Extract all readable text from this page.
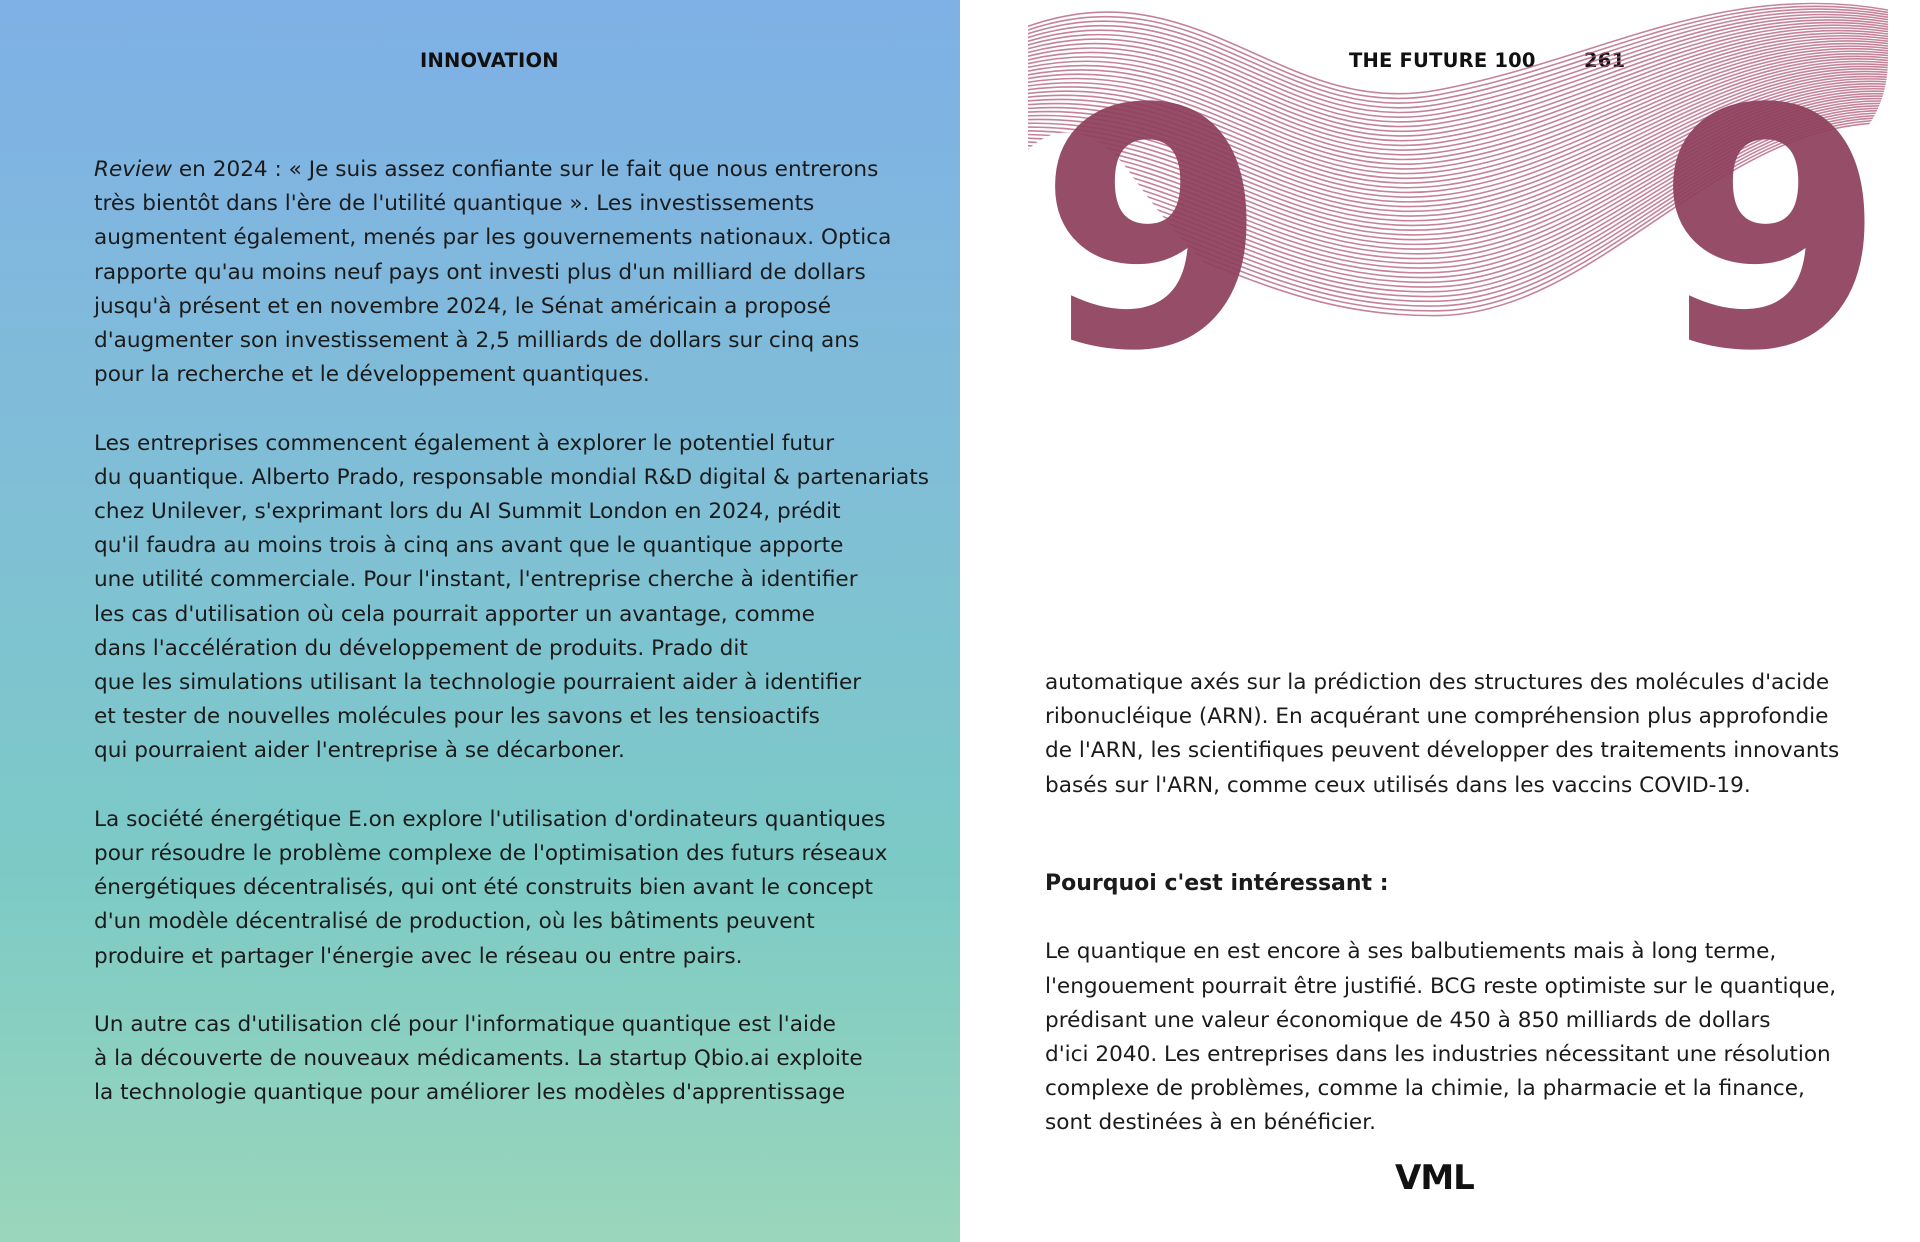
INNOVATION	THE FUTURE 100 261

Review en 2024 : « Je suis assez confiante sur le fait que nous entrerons
très bientôt dans l'ère de l'utilité quantique ». Les investissements
augmentent également, menés par les gouvernements nationaux. Optica
rapporte qu'au moins neuf pays ont investi plus d'un milliard de dollars
jusqu'à présent et en novembre 2024, le Sénat américain a proposé
d'augmenter son investissement à 2,5 milliards de dollars sur cinq ans
pour la recherche et le développement quantiques.

Les entreprises commencent également à explorer le potentiel futur
du quantique. Alberto Prado, responsable mondial R&D digital & partenariats
chez Unilever, s'exprimant lors du AI Summit London en 2024, prédit
qu'il faudra au moins trois à cinq ans avant que le quantique apporte
une utilité commerciale. Pour l'instant, l'entreprise cherche à identifier
les cas d'utilisation où cela pourrait apporter un avantage, comme
dans l'accélération du développement de produits. Prado dit
que les simulations utilisant la technologie pourraient aider à identifier
et tester de nouvelles molécules pour les savons et les tensioactifs
qui pourraient aider l'entreprise à se décarboner.

La société énergétique E.on explore l'utilisation d'ordinateurs quantiques
pour résoudre le problème complexe de l'optimisation des futurs réseaux
énergétiques décentralisés, qui ont été construits bien avant le concept
d'un modèle décentralisé de production, où les bâtiments peuvent
produire et partager l'énergie avec le réseau ou entre pairs.

Un autre cas d'utilisation clé pour l'informatique quantique est l'aide
à la découverte de nouveaux médicaments. La startup Qbio.ai exploite
la technologie quantique pour améliorer les modèles d'apprentissage

9 9

automatique axés sur la prédiction des structures des molécules d'acide
ribonucléique (ARN). En acquérant une compréhension plus approfondie
de l'ARN, les scientifiques peuvent développer des traitements innovants
basés sur l'ARN, comme ceux utilisés dans les vaccins COVID-19.

Pourquoi c'est intéressant :

Le quantique en est encore à ses balbutiements mais à long terme,
l'engouement pourrait être justifié. BCG reste optimiste sur le quantique,
prédisant une valeur économique de 450 à 850 milliards de dollars
d'ici 2040. Les entreprises dans les industries nécessitant une résolution
complexe de problèmes, comme la chimie, la pharmacie et la finance,
sont destinées à en bénéficier.

VML
